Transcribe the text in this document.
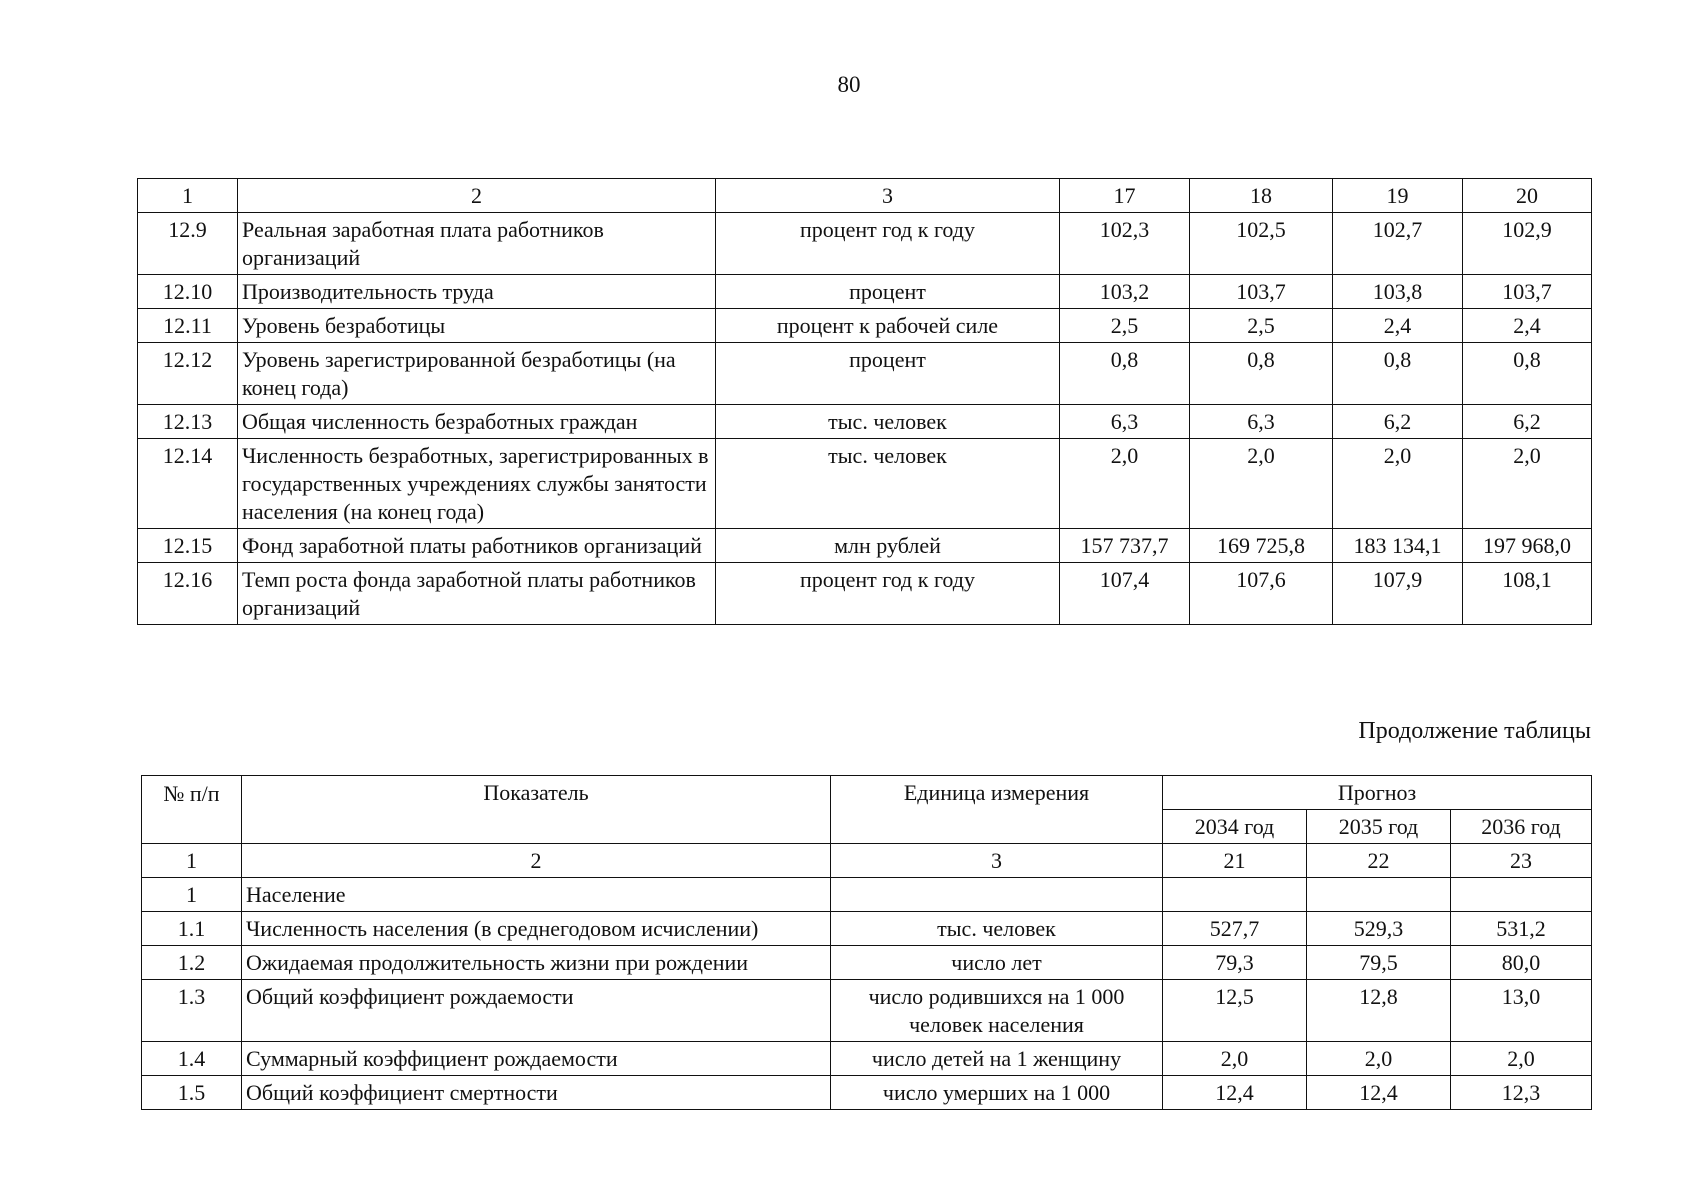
80
1	2	3	17	18	19	20
12.9	Реальная заработная плата работников организаций	процент год к году	102,3	102,5	102,7	102,9
12.10	Производительность труда	процент	103,2	103,7	103,8	103,7
12.11	Уровень безработицы	процент к рабочей силе	2,5	2,5	2,4	2,4
12.12	Уровень зарегистрированной безработицы (на конец года)	процент	0,8	0,8	0,8	0,8
12.13	Общая численность безработных граждан	тыс. человек	6,3	6,3	6,2	6,2
12.14	Численность безработных, зарегистрированных в государственных учреждениях службы занятости населения (на конец года)	тыс. человек	2,0	2,0	2,0	2,0
12.15	Фонд заработной платы работников организаций	млн рублей	157 737,7	169 725,8	183 134,1	197 968,0
12.16	Темп роста фонда заработной платы работников организаций	процент год к году	107,4	107,6	107,9	108,1
Продолжение таблицы
№ п/п	Показатель	Единица измерения	Прогноз		
			2034 год	2035 год	2036 год
1	2	3	21	22	23
1	Население				
1.1	Численность населения (в среднегодовом исчислении)	тыс. человек	527,7	529,3	531,2
1.2	Ожидаемая продолжительность жизни при рождении	число лет	79,3	79,5	80,0
1.3	Общий коэффициент рождаемости	число родившихся на 1 000 человек населения	12,5	12,8	13,0
1.4	Суммарный коэффициент рождаемости	число детей на 1 женщину	2,0	2,0	2,0
1.5	Общий коэффициент смертности	число умерших на 1 000	12,4	12,4	12,3
